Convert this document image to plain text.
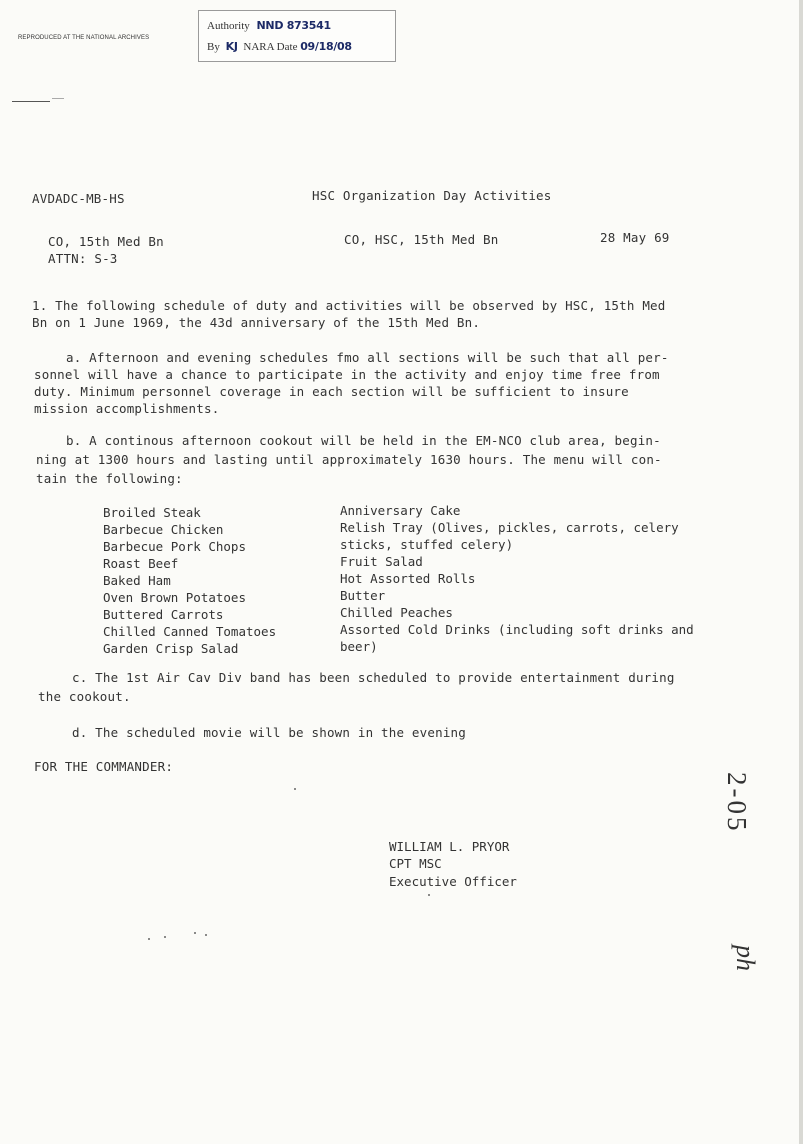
REPRODUCED AT THE NATIONAL ARCHIVES
Authority NND 873541
By KJ NARA Date 09/18/08
AVDADC-MB-HS	HSC Organization Day Activities
CO, 15th Med Bn
ATTN: S-3
CO, HSC, 15th Med Bn	28 May 69
1. The following schedule of duty and activities will be observed by HSC, 15th Med
Bn on 1 June 1969, the 43d anniversary of the 15th Med Bn.
a. Afternoon and evening schedules fmo all sections will be such that all per-
sonnel will have a chance to participate in the activity and enjoy time free from
duty. Minimum personnel coverage in each section will be sufficient to insure
mission accomplishments.
b. A continous afternoon cookout will be held in the EM-NCO club area, begin-
ning at 1300 hours and lasting until approximately 1630 hours. The menu will con-
tain the following:
Broiled Steak
Barbecue Chicken
Barbecue Pork Chops
Roast Beef
Baked Ham
Oven Brown Potatoes
Buttered Carrots
Chilled Canned Tomatoes
Garden Crisp Salad
Anniversary Cake
Relish Tray (Olives, pickles, carrots, celery
sticks, stuffed celery)
Fruit Salad
Hot Assorted Rolls
Butter
Chilled Peaches
Assorted Cold Drinks (including soft drinks and
beer)
c. The 1st Air Cav Div band has been scheduled to provide entertainment during
the cookout.
d. The scheduled movie will be shown in the evening
FOR THE COMMANDER:
WILLIAM L. PRYOR
CPT MSC
Executive Officer
2-05
ph
